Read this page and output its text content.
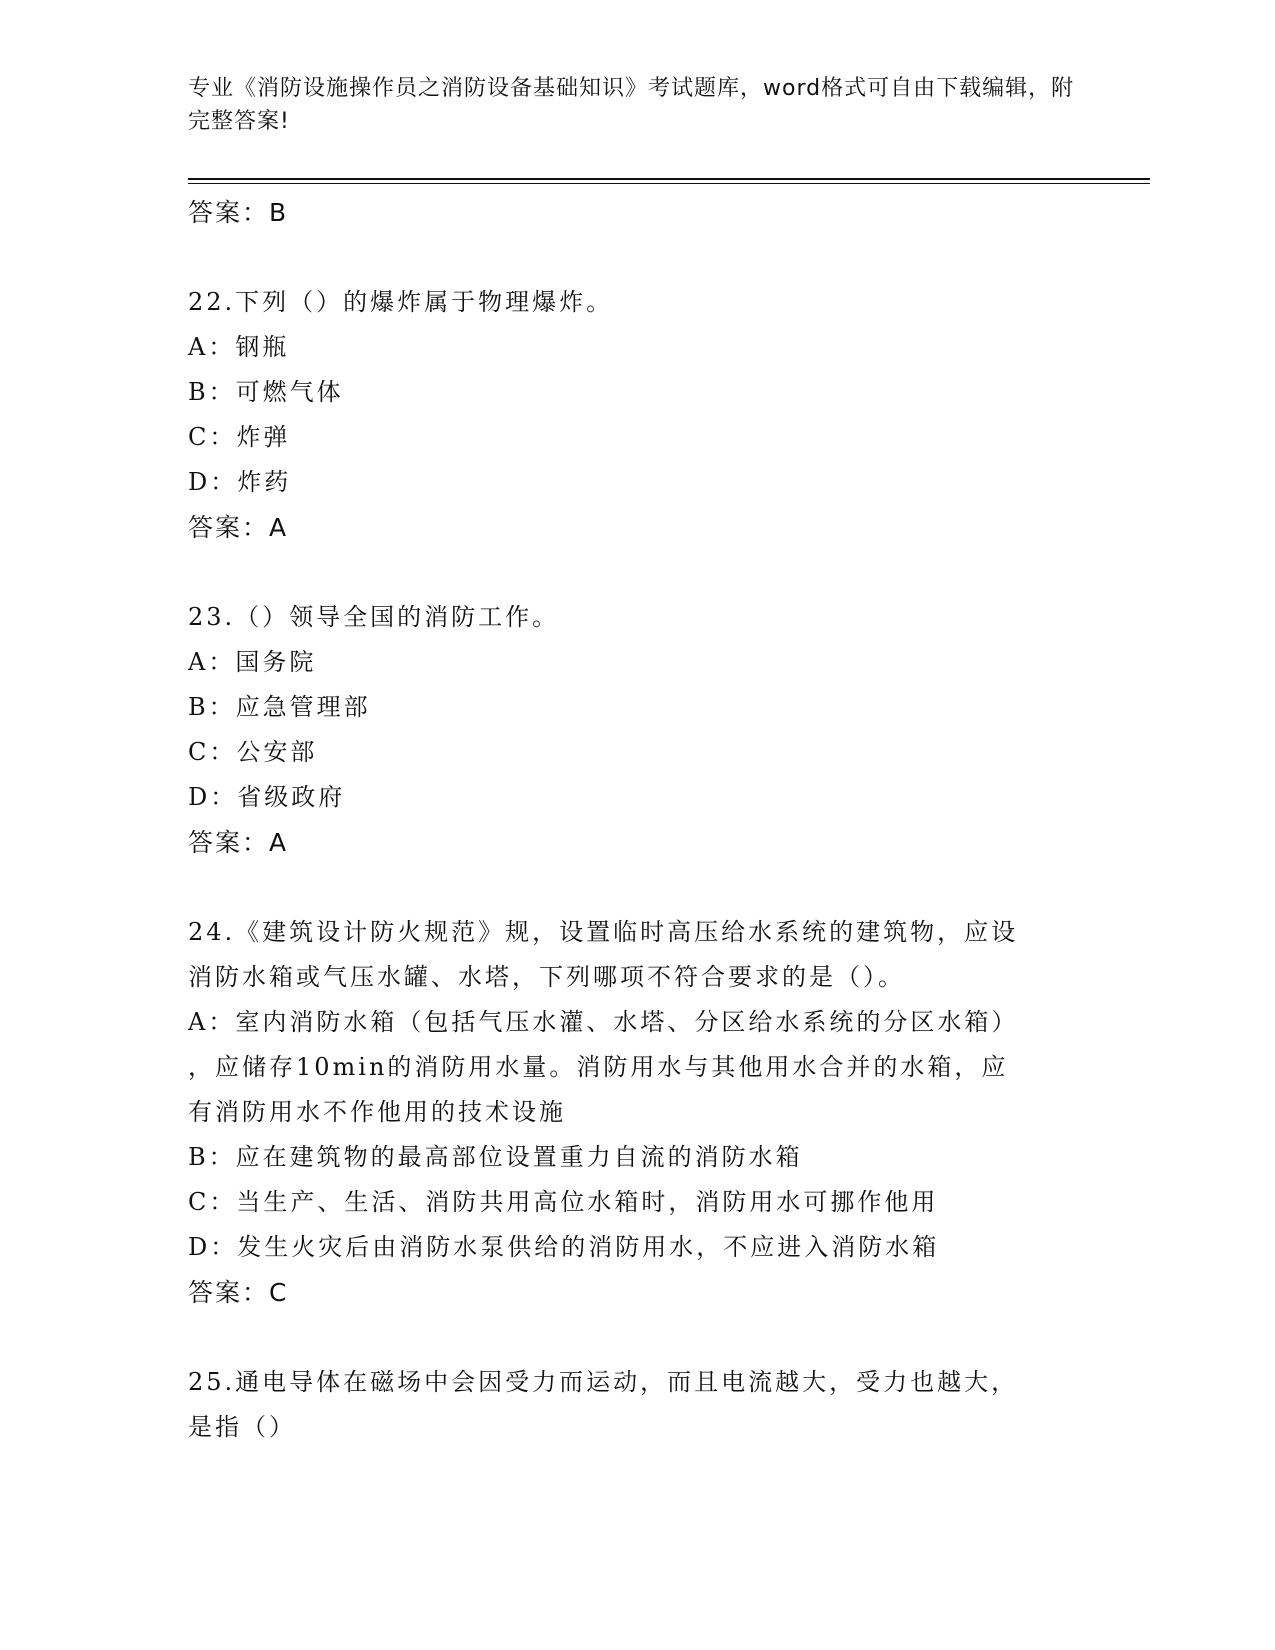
专业《消防设施操作员之消防设备基础知识》考试题库，word格式可自由下载编辑，附完整答案!
答案：B
22.下列（）的爆炸属于物理爆炸。
A：钢瓶
B：可燃气体
C：炸弹
D：炸药
答案：A
23.（）领导全国的消防工作。
A：国务院
B：应急管理部
C：公安部
D：省级政府
答案：A
24.《建筑设计防火规范》规，设置临时高压给水系统的建筑物，应设
消防水箱或气压水罐、水塔，下列哪项不符合要求的是（）。
A：室内消防水箱（包括气压水灌、水塔、分区给水系统的分区水箱）
，应储存10min的消防用水量。消防用水与其他用水合并的水箱，应
有消防用水不作他用的技术设施
B：应在建筑物的最高部位设置重力自流的消防水箱
C：当生产、生活、消防共用高位水箱时，消防用水可挪作他用
D：发生火灾后由消防水泵供给的消防用水，不应进入消防水箱
答案：C
25.通电导体在磁场中会因受力而运动，而且电流越大，受力也越大，
是指（）
